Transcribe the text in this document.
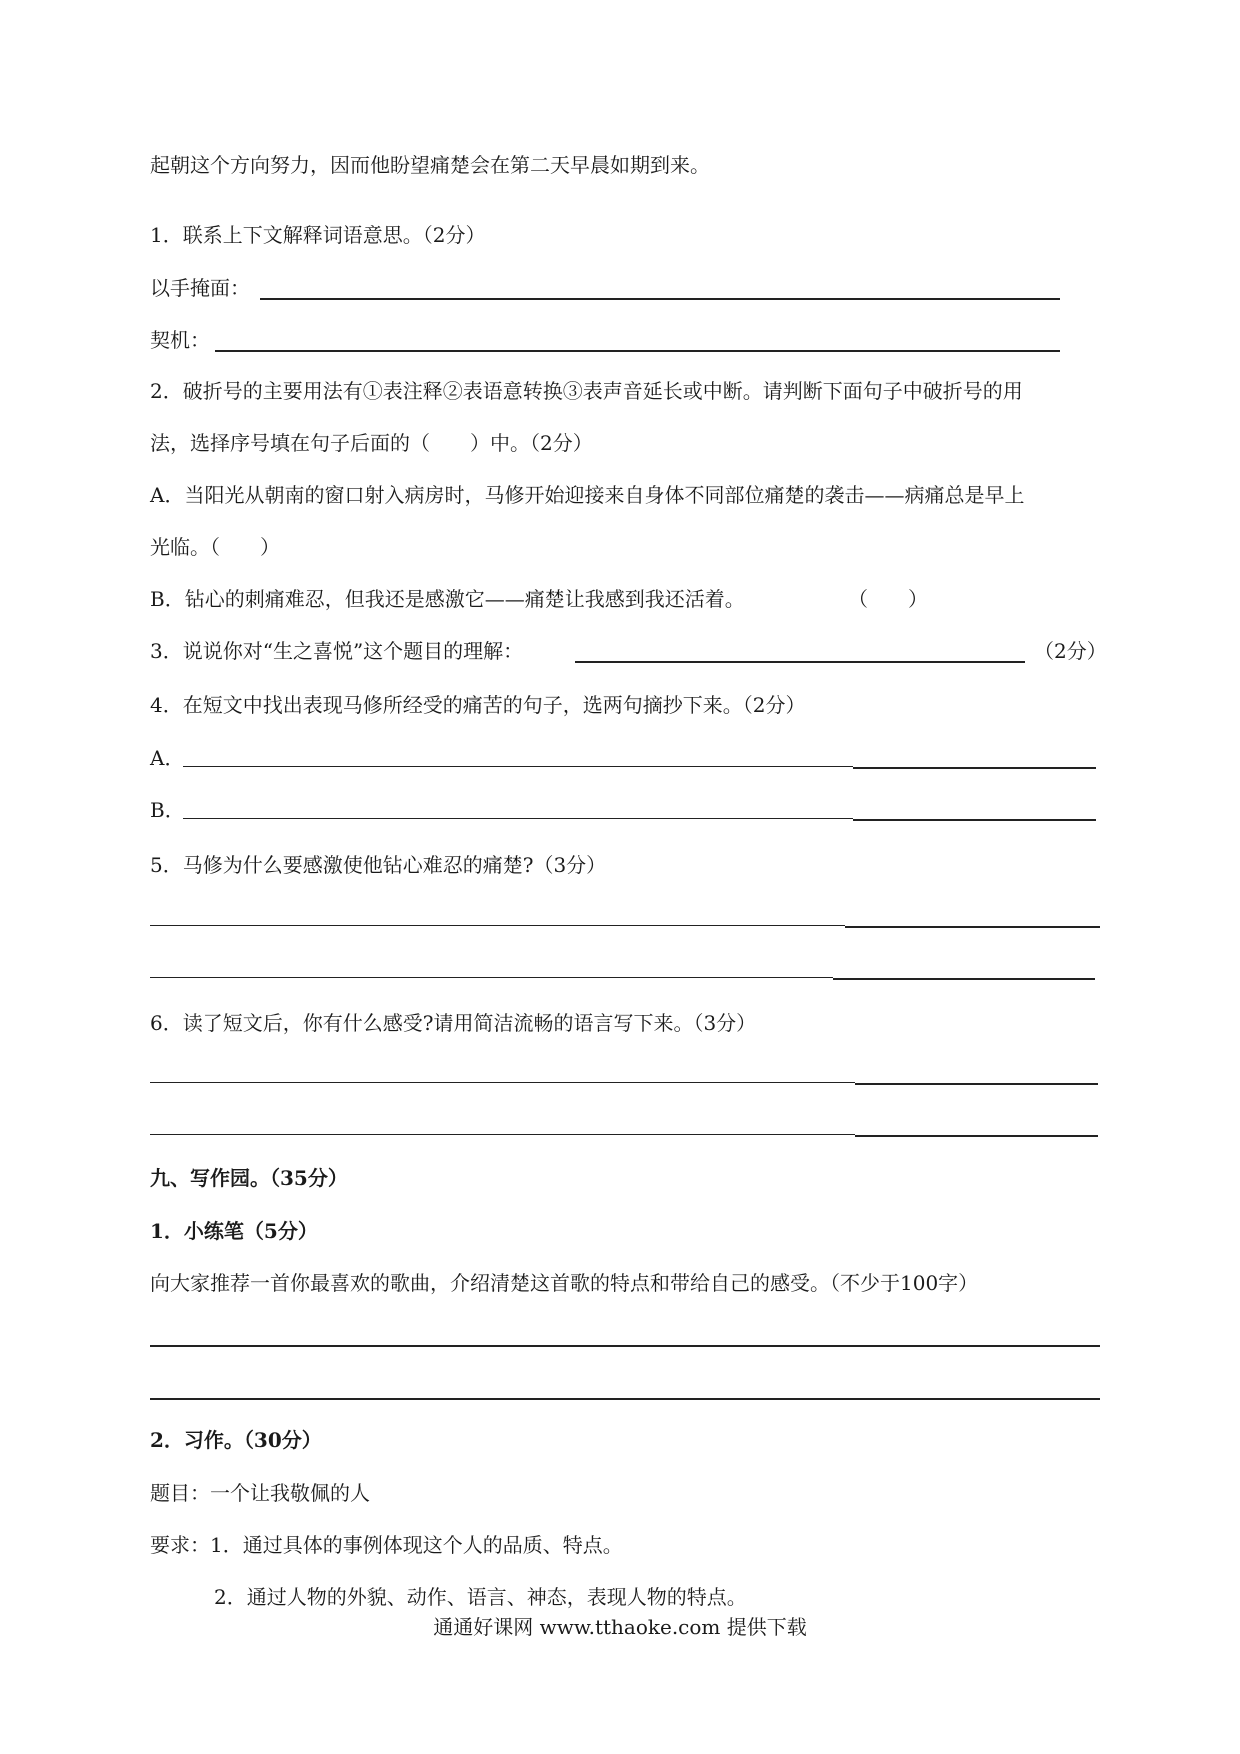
起朝这个方向努力，因而他盼望痛楚会在第二天早晨如期到来。
1．联系上下文解释词语意思。（2分）
以手掩面：
契机：
2．破折号的主要用法有①表注释②表语意转换③表声音延长或中断。请判断下面句子中破折号的用
法，选择序号填在句子后面的（　　）中。（2分）
A．当阳光从朝南的窗口射入病房时，马修开始迎接来自身体不同部位痛楚的袭击——病痛总是早上
光临。（　　）
B．钻心的刺痛难忍，但我还是感激它——痛楚让我感到我还活着。	（　　）
3．说说你对“生之喜悦”这个题目的理解：	（2分）
4．在短文中找出表现马修所经受的痛苦的句子，选两句摘抄下来。（2分）
A．
B．
5．马修为什么要感激使他钻心难忍的痛楚?（3分）
6．读了短文后，你有什么感受?请用简洁流畅的语言写下来。（3分）
九、写作园。（35分）
1．小练笔（5分）
向大家推荐一首你最喜欢的歌曲，介绍清楚这首歌的特点和带给自己的感受。（不少于100字）
2．习作。（30分）
题目：一个让我敬佩的人
要求：1．通过具体的事例体现这个人的品质、特点。
2．通过人物的外貌、动作、语言、神态，表现人物的特点。
通通好课网 www.tthaoke.com 提供下载
